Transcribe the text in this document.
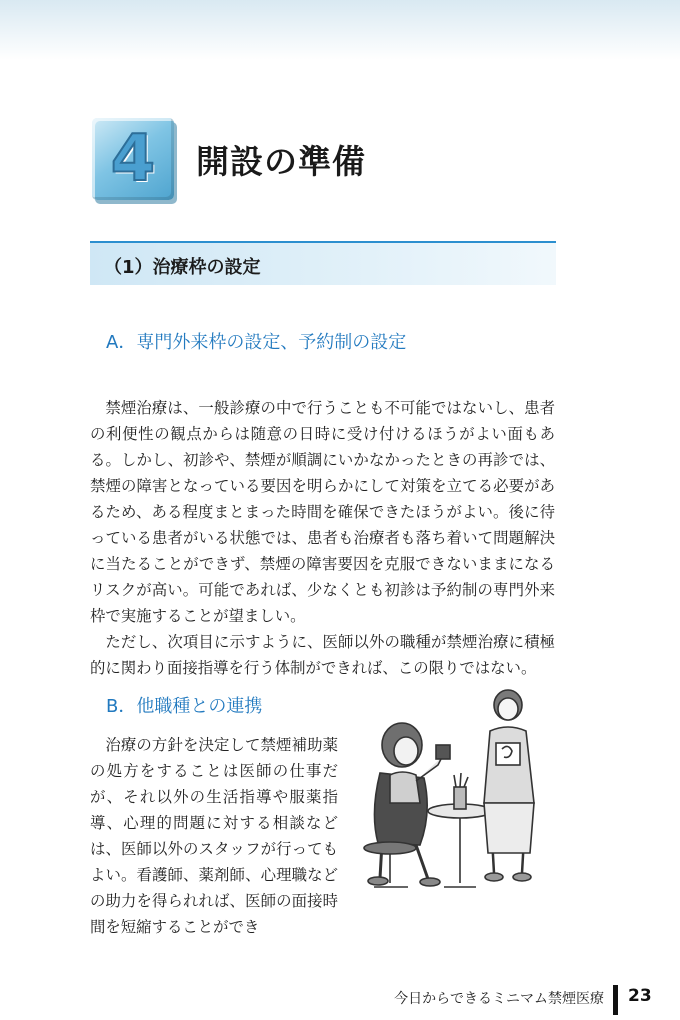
4 開設の準備
（1）治療枠の設定
A．専門外来枠の設定、予約制の設定

禁煙治療は、一般診療の中で行うことも不可能ではないし、患者の利便性の観点からは随意の日時に受け付けるほうがよい面もある。しかし、初診や、禁煙が順調にいかなかったときの再診では、禁煙の障害となっている要因を明らかにして対策を立てる必要があるため、ある程度まとまった時間を確保できたほうがよい。後に待っている患者がいる状態では、患者も治療者も落ち着いて問題解決に当たることができず、禁煙の障害要因を克服できないままになるリスクが高い。可能であれば、少なくとも初診は予約制の専門外来枠で実施することが望ましい。

ただし、次項目に示すように、医師以外の職種が禁煙治療に積極的に関わり面接指導を行う体制ができれば、この限りではない。

B．他職種との連携

治療の方針を決定して禁煙補助薬の処方をすることは医師の仕事だが、それ以外の生活指導や服薬指導、心理的問題に対する相談などは、医師以外のスタッフが行ってもよい。看護師、薬剤師、心理職などの助力を得られれば、医師の面接時間を短縮することができ

今日からできるミニマム禁煙医療 23
